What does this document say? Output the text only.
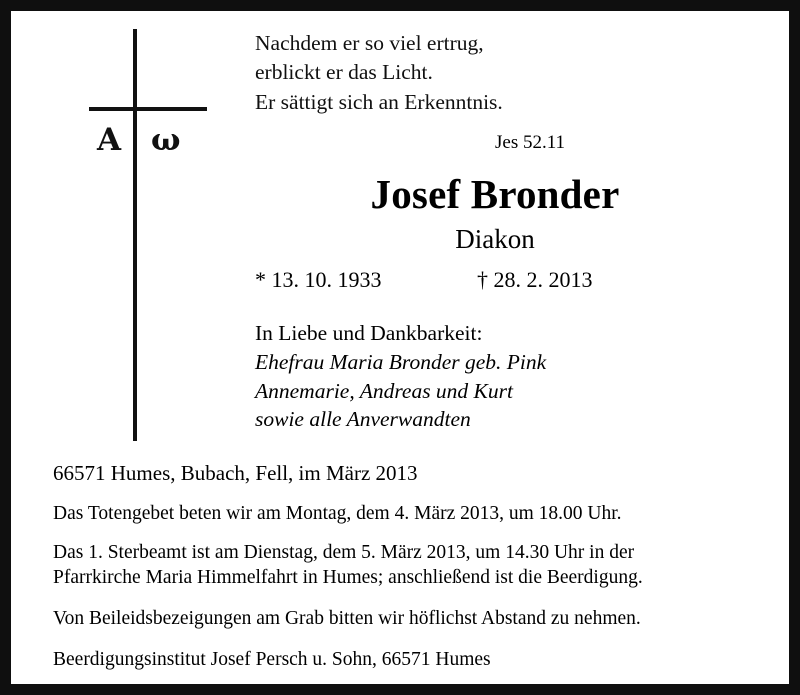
A ω
Nachdem er so viel ertrug,
erblickt er das Licht.
Er sättigt sich an Erkenntnis.
Jes 52.11
Josef Bronder
Diakon
* 13. 10. 1933	† 28. 2. 2013
In Liebe und Dankbarkeit:
Ehefrau Maria Bronder geb. Pink
Annemarie, Andreas und Kurt
sowie alle Anverwandten
66571 Humes, Bubach, Fell, im März 2013
Das Totengebet beten wir am Montag, dem 4. März 2013, um 18.00 Uhr.
Das 1. Sterbeamt ist am Dienstag, dem 5. März 2013, um 14.30 Uhr in der
Pfarrkirche Maria Himmelfahrt in Humes; anschließend ist die Beerdigung.
Von Beileidsbezeigungen am Grab bitten wir höflichst Abstand zu nehmen.
Beerdigungsinstitut Josef Persch u. Sohn, 66571 Humes
